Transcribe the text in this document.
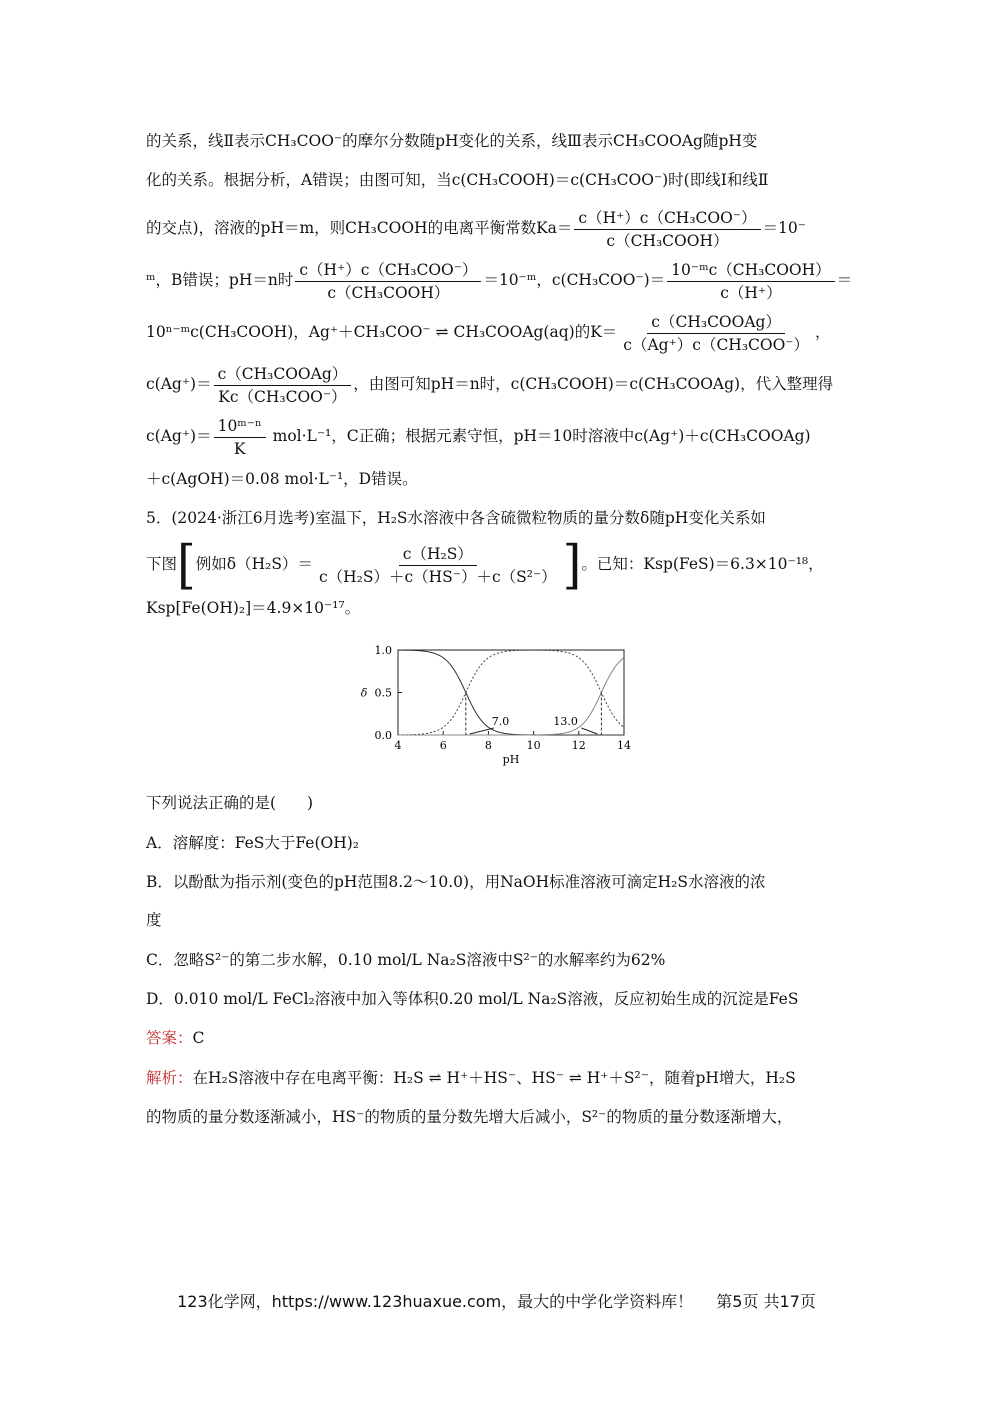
的关系，线Ⅱ表示CH₃COO⁻的摩尔分数随pH变化的关系，线Ⅲ表示CH₃COOAg随pH变
化的关系。根据分析，A错误；由图可知，当c(CH₃COOH)＝c(CH₃COO⁻)时(即线Ⅰ和线Ⅱ
的交点)，溶液的pH＝m，则CH₃COOH的电离平衡常数$Ka= \frac{\text{c（H⁺）c（CH₃COO⁻）}}{\text{c（CH₃COOH）}} =10^-$
ᵐ，B错误；pH＝n时 $\frac{\text{c（H⁺）c（CH₃COO⁻）}}{\text{c（CH₃COOH）}}$ ＝10⁻ᵐ，$c(CH_3COO^-)= \frac{\text{10⁻ᵐc（CH₃COOH）}}{c(H^+)}$ ＝
10ⁿ⁻ᵐc(CH₃COOH)，Ag⁺＋CH₃COO⁻ ⇌ CH₃COOAg(aq)的$K= \frac{\text{c（CH₃COOAg）}}{\text{c（Ag⁺）c（CH₃COO⁻）}}$ ，
$c(Ag^+)= \frac{\text{c（CH₃COOAg）}}{\text{Kc（CH₃COO⁻）}}$ ，由图可知pH＝n时，c(CH₃COOH)＝c(CH₃COOAg)，代入整理得
$c(Ag^+)= \frac{\text{10ᵐ⁻ⁿ}}{K} mol\cdot L^{-1}$，C正确；根据元素守恒，pH＝10时溶液中c(Ag⁺)＋c(CH₃COOAg)
＋c(AgOH)＝0.08 mol·L⁻¹，D错误。
5．(2024·浙江6月选考)室温下，H₂S水溶液中各含硫微粒物质的量分数δ随pH变化关系如
下图[例如$\delta(H_2S)= \frac{\text{c（H₂S）}}{\text{c（H₂S）＋c（HS⁻）＋c（S²⁻）}}$ ]。已知：Ksp(FeS)＝6.3×10⁻¹⁸，
Ksp[Fe(OH)₂]＝4.9×10⁻¹⁷。
4	6	8	10	12	14
0.0
0.5
1.0
pH
δ
7.0	13.0
下列说法正确的是(　　)
A．溶解度：FeS大于Fe(OH)₂
B．以酚酞为指示剂(变色的pH范围8.2～10.0)，用NaOH标准溶液可滴定H₂S水溶液的浓
度
C．忽略S²⁻的第二步水解，0.10 mol/L Na₂S溶液中S²⁻的水解率约为62%
D．0.010 mol/L FeCl₂溶液中加入等体积0.20 mol/L Na₂S溶液，反应初始生成的沉淀是FeS
答案：C
解析：在H₂S溶液中存在电离平衡：H₂S ⇌ H⁺＋HS⁻、HS⁻ ⇌ H⁺＋S²⁻，随着pH增大，H₂S
的物质的量分数逐渐减小，HS⁻的物质的量分数先增大后减小，S²⁻的物质的量分数逐渐增大，
123化学网，https://www.123huaxue.com，最大的中学化学资料库！ 第5页 共17页
